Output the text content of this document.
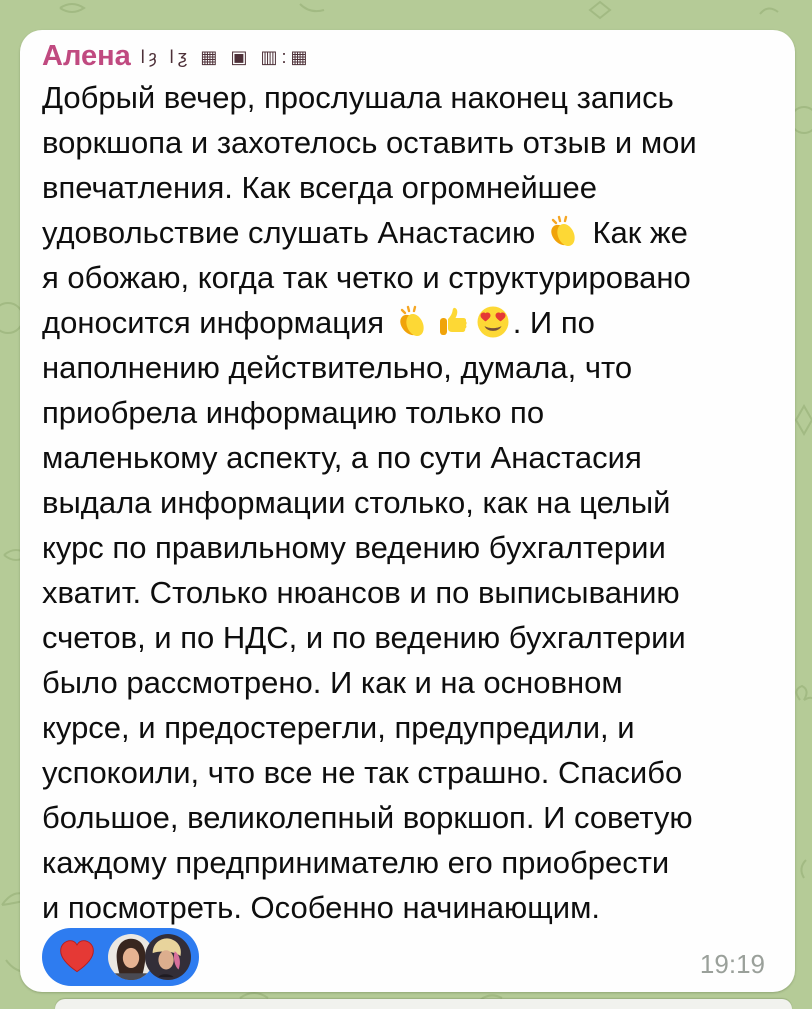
Алена Ɩȝ Ɩƺ ▦ ▣ ▥:▦
Добрый вечер, прослушала наконец запись
воркшопа и захотелось оставить отзыв и мои
впечатления. Как всегда огромнейшее
удовольствие слушать Анастасию
Как же
я обожаю, когда так четко и структурировано
доносится информация	. И по
наполнению действительно, думала, что
приобрела информацию только по
маленькому аспекту, а по сути Анастасия
выдала информации столько, как на целый
курс по правильному ведению бухгалтерии
хватит. Столько нюансов и по выписыванию
счетов, и по НДС, и по ведению бухгалтерии
было рассмотрено. И как и на основном
курсе, и предостерегли, предупредили, и
успокоили, что все не так страшно. Спасибо
большое, великолепный воркшоп. И советую
каждому предпринимателю его приобрести
и посмотреть. Особенно начинающим.
19:19
